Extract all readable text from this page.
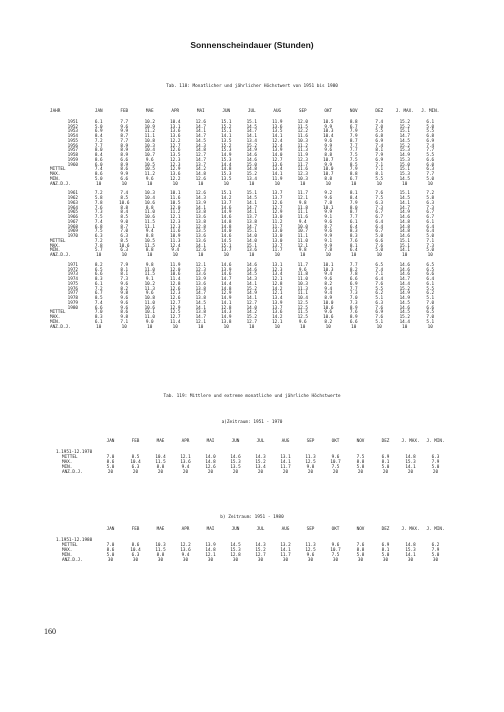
Sonnenscheindauer (Stunden)
Tab. 118: Monatlicher und jährlicher Höchstwert von 1951 bis 1980
JAHR	JAN	FEB	MAE	APR	MAI	JUN	JUL	AUG	SEP	OKT	NOV	DEZ	J. MAX.	J. MIN.
1951	6.1	7.7	10.2	10.4	12.6	15.1	15.1	11.9	12.0	10.5	8.8	7.4	15.2	6.1
1952	5.0	9.6	10.9	13.1	14.7	15.2	14.5	13.6	11.5	9.9	6.7	7.0	15.2	5.0
1953	6.9	9.9	11.2	13.6	14.1	15.1	14.7	13.5	12.2	10.3	7.9	5.5	15.1	5.5
1954	8.4	8.7	11.1	13.6	14.7	14.1	14.1	14.1	11.6	10.4	7.9	6.8	14.7	6.8
1955	7.2	7.7	10.8	12.2	14.5	13.5	13.4	12.4	10.3	9.6	8.7	6.9	14.5	6.9
1956	7.7	8.9	10.3	12.7	14.3	15.2	15.2	12.4	11.2	9.9	7.7	7.4	15.2	7.4
1957	8.0	8.9	10.4	12.6	14.8	15.3	14.9	13.9	11.3	9.6	7.7	8.1	15.3	7.7
1958	8.4	8.9	10.7	13.5	12.7	14.9	14.6	14.0	11.9	8.8	7.5	7.9	14.9	5.5
1959	8.6	6.6	9.6	12.3	14.7	15.3	14.6	12.7	12.3	10.7	7.5	6.9	15.3	6.6
1960	6.0	8.9	10.5	12.3	13.7	14.4	15.0	13.6	11.7	9.9	8.5	7.1	15.0	6.0
MITTEL	7.4	8.6	10.5	12.9	14.2	14.8	14.8	13.4	11.6	10.0	7.9	7.1	15.1	6.3
MAX.	8.6	9.9	11.2	13.6	14.8	15.3	15.2	14.1	12.3	10.7	8.8	8.1	15.3	7.7
MIN.	5.0	6.6	9.6	12.2	12.6	13.5	13.4	11.9	10.3	8.8	6.7	5.5	14.5	5.0
ANZ.D.J.	10	10	10	10	10	10	10	10	10	10	10	10	10	10

1961	7.2	7.4	10.3	10.1	12.6	15.1	15.1	13.7	11.7	9.2	8.1	7.6	15.1	7.2
1962	5.8	8.5	10.4	11.6	14.3	14.2	14.5	13.7	12.1	9.6	8.4	7.5	14.5	5.8
1963	7.8	10.6	10.6	10.5	13.9	13.7	14.1	12.6	9.8	7.8	7.9	6.3	14.1	6.3
1964	7.6	8.8	8.8	12.0	14.1	14.6	14.7	12.7	11.8	10.1	8.0	7.3	14.7	7.3
1965	7.3	8.4	11.0	11.2	13.8	14.9	14.1	12.9	11.1	9.9	8.7	6.7	14.9	6.7
1966	7.5	8.5	10.6	12.1	13.6	14.6	13.7	13.0	11.6	9.1	7.7	6.7	14.6	6.7
1967	7.4	9.0	11.5	12.3	13.8	14.8	13.8	11.2	9.4	9.6	6.1	6.4	14.8	6.1
1968	6.8	8.7	11.1	12.3	12.8	14.8	14.7	11.7	10.0	8.7	6.4	6.4	14.8	6.4
1969	7.5	7.0	9.4	11.6	13.5	14.0	15.1	13.0	10.7	9.6	8.3	6.7	14.8	6.4
1970	6.3	6.3	8.8	10.9	13.6	14.6	14.0	13.0	11.1	9.9	8.3	5.0	14.6	5.0
MITTEL	7.2	8.5	10.5	11.3	13.6	14.5	14.0	13.0	11.0	9.1	7.6	6.6	15.1	7.1
MAX.	7.8	10.6	11.5	12.4	14.1	15.1	15.1	13.7	12.1	9.9	8.1	7.6	15.1	7.3
MIN.	5.7	6.3	8.8	9.4	12.6	13.7	13.6	11.7	9.8	7.8	6.4	5.0	14.1	5.0
ANZ.D.J.	10	10	10	10	10	10	10	10	10	10	10	10	10	10

1971	8.2	7.9	9.8	11.9	12.1	14.6	14.6	13.1	11.7	10.1	7.7	6.5	14.6	6.5
1972	6.5	8.1	11.0	12.0	12.3	13.9	14.6	12.3	9.6	10.3	8.2	7.4	14.6	6.5
1973	6.6	8.1	11.5	10.6	13.6	14.6	14.5	13.4	11.8	9.4	7.8	7.1	14.6	6.6
1974	8.3	7.3	9.1	11.4	13.9	14.7	14.3	12.1	11.0	9.6	6.6	6.4	14.7	6.4
1975	6.1	9.6	10.2	12.8	13.6	14.4	14.1	12.8	10.3	8.2	6.9	7.6	14.4	6.1
1976	7.2	8.2	11.3	12.6	13.8	14.8	15.2	14.2	11.3	9.4	7.7	5.5	15.2	5.5
1977	6.7	9.8	9.6	12.3	14.7	12.9	14.9	12.1	11.1	9.4	7.3	6.2	14.9	6.2
1978	8.5	9.6	10.8	12.6	13.8	14.9	14.1	13.4	10.4	8.9	7.0	5.1	14.9	5.1
1979	7.4	9.6	11.0	12.7	14.5	14.1	12.7	13.9	12.5	10.0	7.3	6.3	14.5	7.0
1980	6.6	9.6	10.6	12.9	14.1	12.8	14.0	13.7	12.5	10.6	8.9	7.6	14.6	6.6
MITTEL	7.0	8.6	10.1	12.5	13.8	14.3	14.2	13.6	11.5	9.6	7.6	6.9	14.5	6.5
MAX.	8.3	9.8	11.0	12.7	14.7	14.9	15.2	14.2	12.5	10.6	8.9	7.6	15.2	7.0
MIN.	6.1	7.1	9.0	11.4	12.1	13.8	12.7	12.1	9.6	8.2	6.6	5.1	14.4	5.1
ANZ.D.J.	10	10	10	10	10	10	10	10	10	10	10	10	10	10
Tab. 119: Mittlere und extreme monatliche und jährliche Höchstwerte
a)Zeitraum: 1951 - 1970
	JAN	FEB	MAE	APR	MAI	JUN	JUL	AUG	SEP	OKT	NOV	DEZ	J. MAX.	J. MIN.
1.1951-12.1970														
MITTEL	7.0	8.5	10.4	12.1	14.0	14.6	14.3	13.1	11.3	9.6	7.5	6.9	14.8	6.3
MAX.	8.6	10.4	11.5	13.6	14.8	15.3	15.2	14.1	12.5	10.7	8.8	8.1	15.3	7.9
MIN.	5.0	6.3	8.8	9.4	12.6	13.5	13.4	11.7	9.8	7.5	5.8	5.0	14.1	5.0
ANZ.D.J.	20	20	20	20	20	20	20	20	20	20	20	20	20	20
b) Zeitraum: 1951 - 1980
	JAN	FEB	MAE	APR	MAI	JUN	JUL	AUG	SEP	OKT	NOV	DEZ	J. MAX.	J. MIN.
1.1951-12.1980														
MITTEL	7.0	8.6	10.3	12.2	13.9	14.5	14.3	13.2	11.3	9.6	7.6	6.9	14.8	6.2
MAX.	8.6	10.4	11.5	13.6	14.8	15.3	15.2	14.1	12.5	10.7	8.8	8.1	15.3	7.9
MIN.	5.0	6.3	8.8	9.4	12.1	12.8	12.7	11.7	9.6	7.5	5.8	5.0	14.1	5.0
ANZ.D.J.	30	30	30	30	30	30	30	30	30	30	30	30	30	30
160
